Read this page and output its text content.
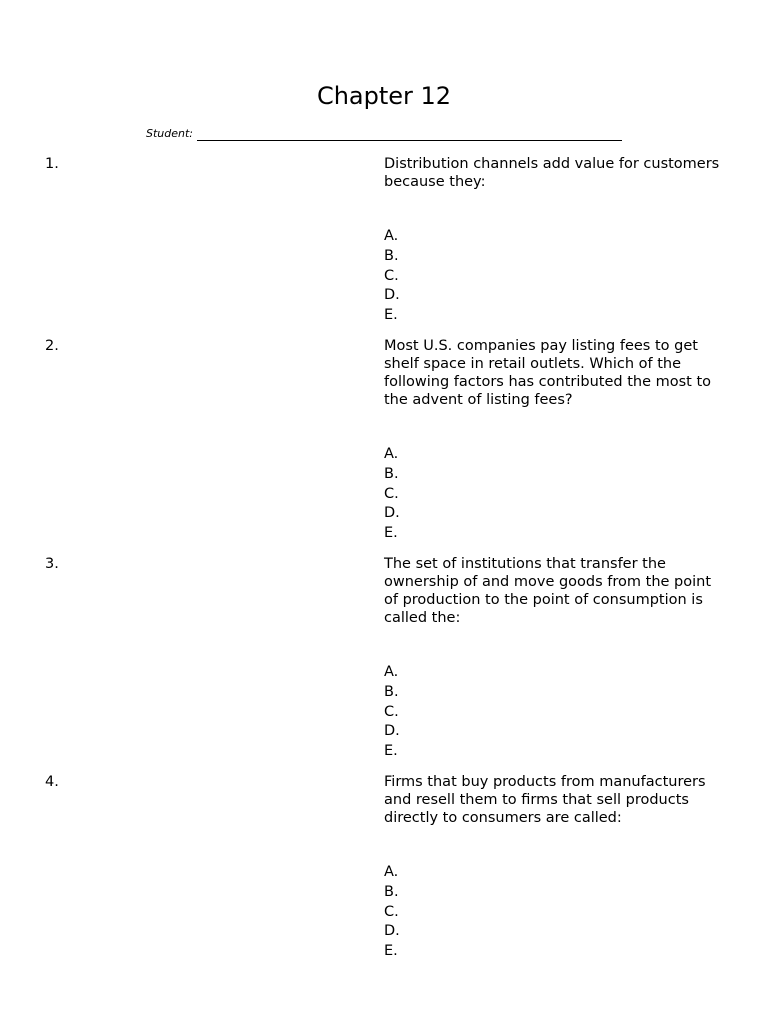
Chapter 12
Student:
1.	Distribution channels add value for customers because they:

A.
B.
C.
D.
E.
2.	Most U.S. companies pay listing fees to get shelf space in retail outlets. Which of the following factors has contributed the most to the advent of listing fees?

A.
B.
C.
D.
E.
3.	The set of institutions that transfer the ownership of and move goods from the point of production to the point of consumption is called the:

A.
B.
C.
D.
E.
4.	Firms that buy products from manufacturers and resell them to firms that sell products directly to consumers are called:

A.
B.
C.
D.
E.
